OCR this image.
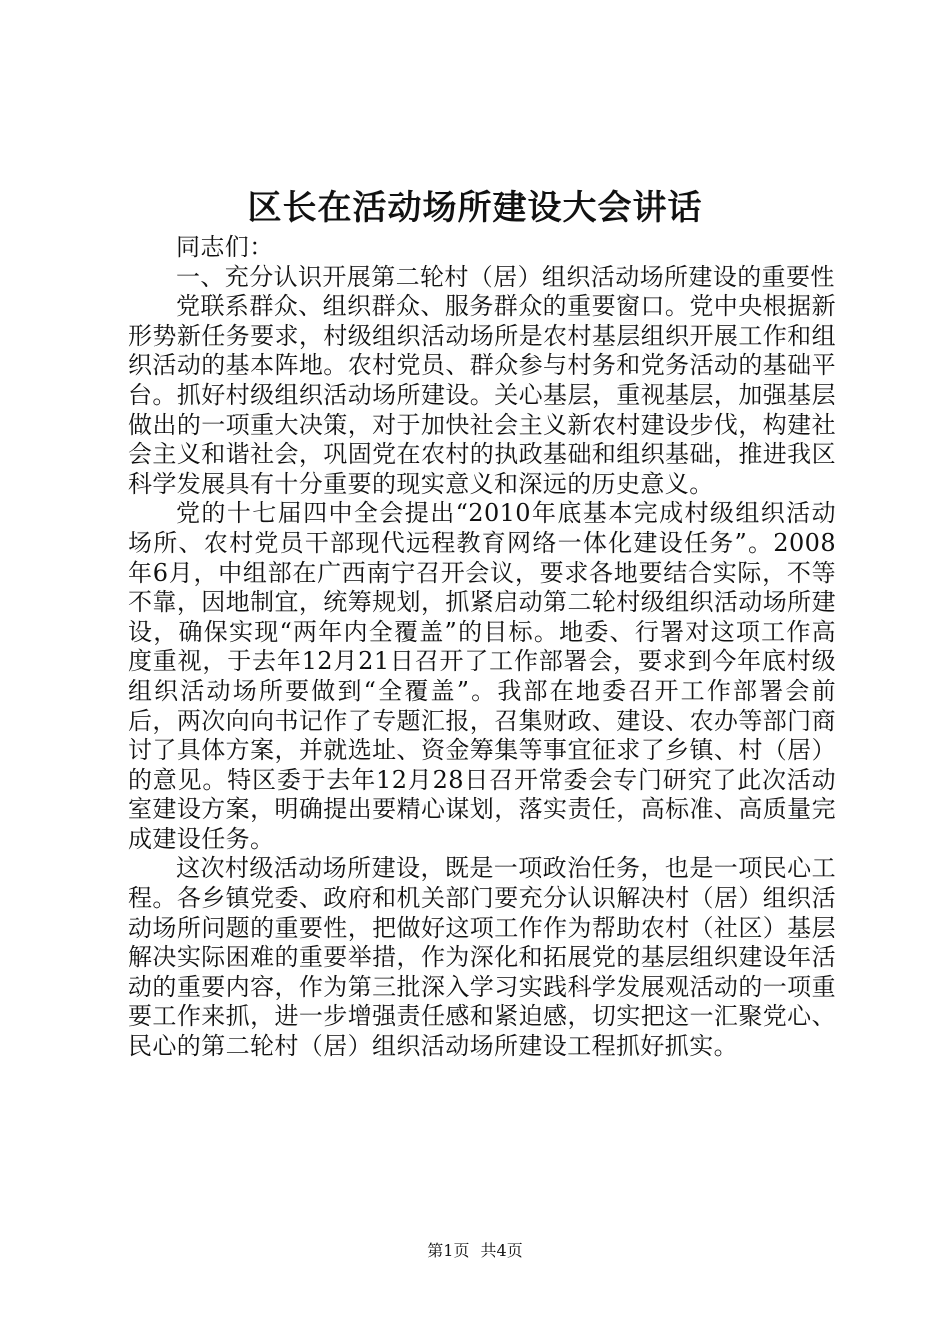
区长在活动场所建设大会讲话

同志们：

一、充分认识开展第二轮村（居）组织活动场所建设的重要性

党联系群众、组织群众、服务群众的重要窗口。党中央根据新形势新任务要求，村级组织活动场所是农村基层组织开展工作和组织活动的基本阵地。农村党员、群众参与村务和党务活动的基础平台。抓好村级组织活动场所建设。关心基层，重视基层，加强基层做出的一项重大决策，对于加快社会主义新农村建设步伐，构建社会主义和谐社会，巩固党在农村的执政基础和组织基础，推进我区科学发展具有十分重要的现实意义和深远的历史意义。

党的十七届四中全会提出“2010年底基本完成村级组织活动场所、农村党员干部现代远程教育网络一体化建设任务”。2008年6月，中组部在广西南宁召开会议，要求各地要结合实际，不等不靠，因地制宜，统筹规划，抓紧启动第二轮村级组织活动场所建设，确保实现“两年内全覆盖”的目标。地委、行署对这项工作高度重视，于去年12月21日召开了工作部署会，要求到今年底村级组织活动场所要做到“全覆盖”。我部在地委召开工作部署会前后，两次向向书记作了专题汇报，召集财政、建设、农办等部门商讨了具体方案，并就选址、资金筹集等事宜征求了乡镇、村（居）的意见。特区委于去年12月28日召开常委会专门研究了此次活动室建设方案，明确提出要精心谋划，落实责任，高标准、高质量完成建设任务。

这次村级活动场所建设，既是一项政治任务，也是一项民心工程。各乡镇党委、政府和机关部门要充分认识解决村（居）组织活动场所问题的重要性，把做好这项工作作为帮助农村（社区）基层解决实际困难的重要举措，作为深化和拓展党的基层组织建设年活动的重要内容，作为第三批深入学习实践科学发展观活动的一项重要工作来抓，进一步增强责任感和紧迫感，切实把这一汇聚党心、民心的第二轮村（居）组织活动场所建设工程抓好抓实。

第1页 共4页
